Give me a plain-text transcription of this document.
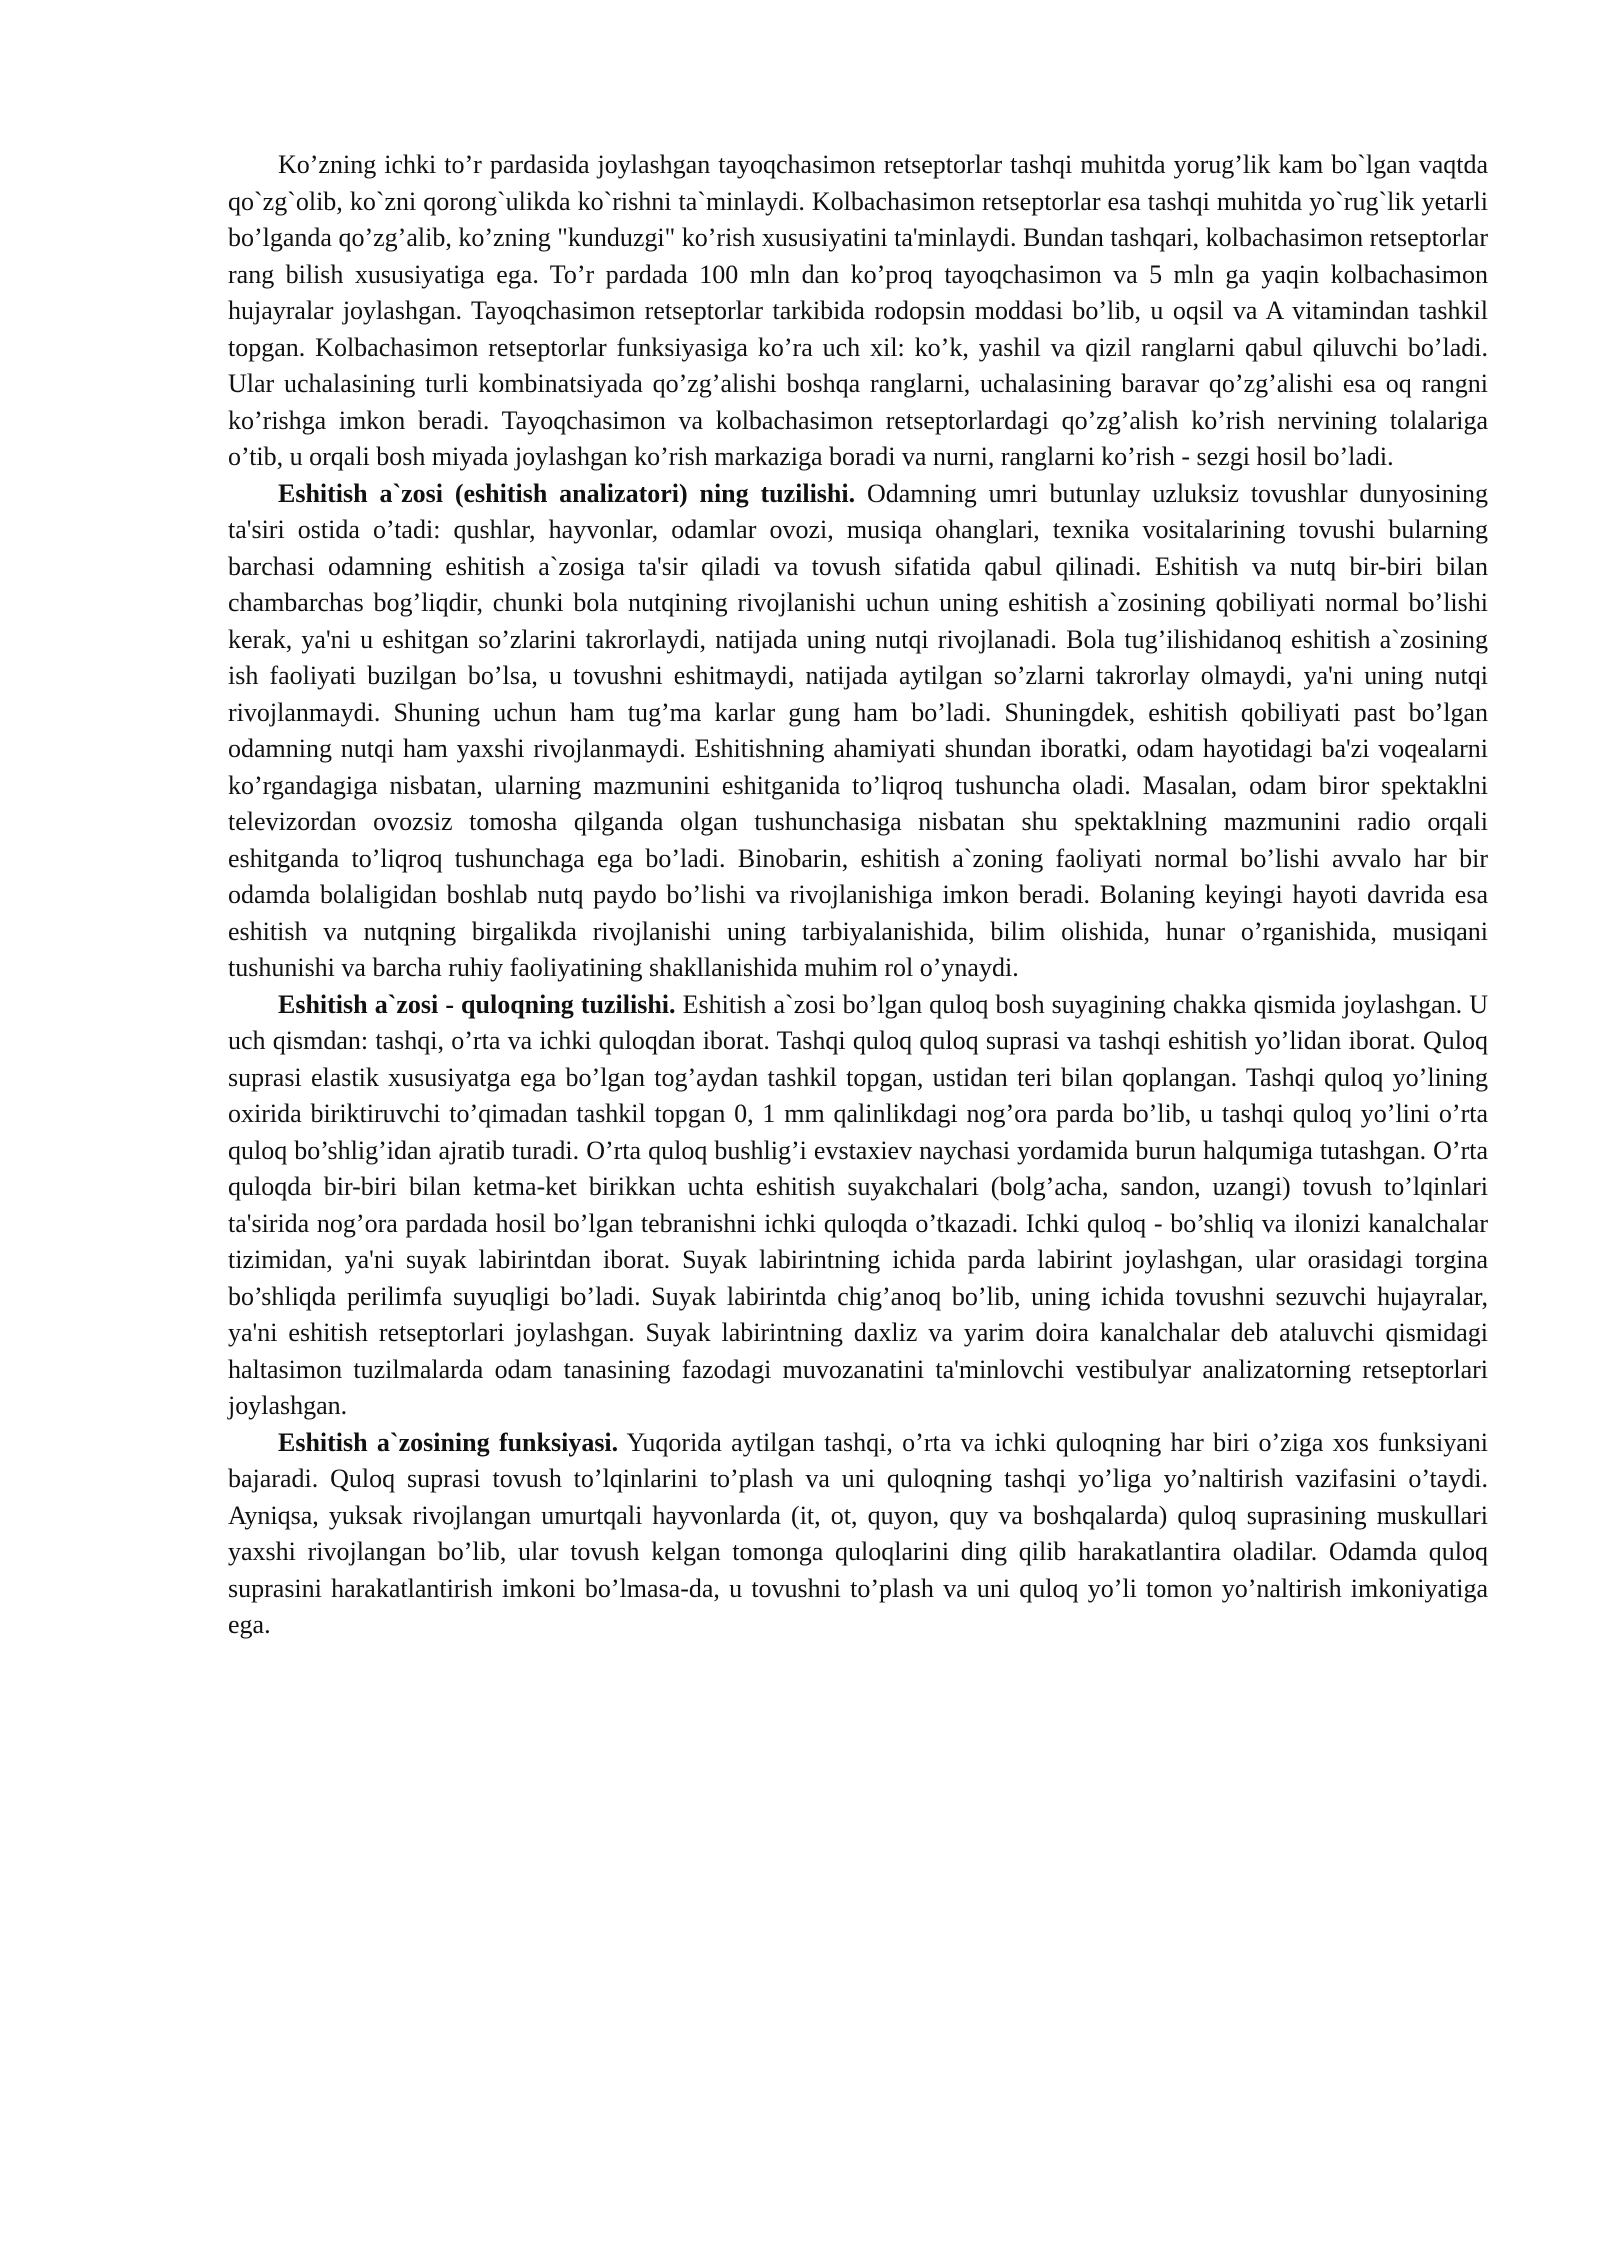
Ko’zning ichki to’r pardasida joylashgan tayoqchasimon retseptorlar tashqi muhitda yorug’lik kam bo`lgan vaqtda qo`zg`olib, ko`zni qorong`ulikda ko`rishni ta`minlaydi. Kolbachasimon retseptorlar esa tashqi muhitda yo`rug`lik yetarli bo’lganda qo’zg’alib, ko’zning "kunduzgi" ko’rish xususiyatini ta'minlaydi. Bundan tashqari, kolbachasimon retseptorlar rang bilish xususiyatiga ega. To’r pardada 100 mln dan ko’proq tayoqchasimon va 5 mln ga yaqin kolbachasimon hujayralar joylashgan. Tayoqchasimon retseptorlar tarkibida rodopsin moddasi bo’lib, u oqsil va A vitamindan tashkil topgan. Kolbachasimon retseptorlar funksiyasiga ko’ra uch xil: ko’k, yashil va qizil ranglarni qabul qiluvchi bo’ladi. Ular uchalasining turli kombinatsiyada qo’zg’alishi boshqa ranglarni, uchalasining baravar qo’zg’alishi esa oq rangni ko’rishga imkon beradi. Tayoqchasimon va kolbachasimon retseptorlardagi qo’zg’alish ko’rish nervining tolalariga o’tib, u orqali bosh miyada joylashgan ko’rish markaziga boradi va nurni, ranglarni ko’rish - sezgi hosil bo’ladi.

Eshitish a`zosi (eshitish analizatori) ning tuzilishi. Odamning umri butunlay uzluksiz tovushlar dunyosining ta'siri ostida o’tadi: qushlar, hayvonlar, odamlar ovozi, musiqa ohanglari, texnika vositalarining tovushi bularning barchasi odamning eshitish a`zosiga ta'sir qiladi va tovush sifatida qabul qilinadi. Eshitish va nutq bir-biri bilan chambarchas bog’liqdir, chunki bola nutqining rivojlanishi uchun uning eshitish a`zosining qobiliyati normal bo’lishi kerak, ya'ni u eshitgan so’zlarini takrorlaydi, natijada uning nutqi rivojlanadi. Bola tug’ilishidanoq eshitish a`zosining ish faoliyati buzilgan bo’lsa, u tovushni eshitmaydi, natijada aytilgan so’zlarni takrorlay olmaydi, ya'ni uning nutqi rivojlanmaydi. Shuning uchun ham tug’ma karlar gung ham bo’ladi. Shuningdek, eshitish qobiliyati past bo’lgan odamning nutqi ham yaxshi rivojlanmaydi. Eshitishning ahamiyati shundan iboratki, odam hayotidagi ba'zi voqealarni ko’rgandagiga nisbatan, ularning mazmunini eshitganida to’liqroq tushuncha oladi. Masalan, odam biror spektaklni televizordan ovozsiz tomosha qilganda olgan tushunchasiga nisbatan shu spektaklning mazmunini radio orqali eshitganda to’liqroq tushunchaga ega bo’ladi. Binobarin, eshitish a`zoning faoliyati normal bo’lishi avvalo har bir odamda bolaligidan boshlab nutq paydo bo’lishi va rivojlanishiga imkon beradi. Bolaning keyingi hayoti davrida esa eshitish va nutqning birgalikda rivojlanishi uning tarbiyalanishida, bilim olishida, hunar o’rganishida, musiqani tushunishi va barcha ruhiy faoliyatining shakllanishida muhim rol o’ynaydi.

Eshitish a`zosi - quloqning tuzilishi. Eshitish a`zosi bo’lgan quloq bosh suyagining chakka qismida joylashgan. U uch qismdan: tashqi, o’rta va ichki quloqdan iborat. Tashqi quloq quloq suprasi va tashqi eshitish yo’lidan iborat. Quloq suprasi elastik xususiyatga ega bo’lgan tog’aydan tashkil topgan, ustidan teri bilan qoplangan. Tashqi quloq yo’lining oxirida biriktiruvchi to’qimadan tashkil topgan 0, 1 mm qalinlikdagi nog’ora parda bo’lib, u tashqi quloq yo’lini o’rta quloq bo’shlig’idan ajratib turadi. O’rta quloq bushlig’i evstaxiev naychasi yordamida burun halqumiga tutashgan. O’rta quloqda bir-biri bilan ketma-ket birikkan uchta eshitish suyakchalari (bolg’acha, sandon, uzangi) tovush to’lqinlari ta'sirida nog’ora pardada hosil bo’lgan tebranishni ichki quloqda o’tkazadi. Ichki quloq - bo’shliq va ilonizi kanalchalar tizimidan, ya'ni suyak labirintdan iborat. Suyak labirintning ichida parda labirint joylashgan, ular orasidagi torgina bo’shliqda perilimfa suyuqligi bo’ladi. Suyak labirintda chig’anoq bo’lib, uning ichida tovushni sezuvchi hujayralar, ya'ni eshitish retseptorlari joylashgan. Suyak labirintning daxliz va yarim doira kanalchalar deb ataluvchi qismidagi haltasimon tuzilmalarda odam tanasining fazodagi muvozanatini ta'minlovchi vestibulyar analizatorning retseptorlari joylashgan.

Eshitish a`zosining funksiyasi. Yuqorida aytilgan tashqi, o’rta va ichki quloqning har biri o’ziga xos funksiyani bajaradi. Quloq suprasi tovush to’lqinlarini to’plash va uni quloqning tashqi yo’liga yo’naltirish vazifasini o’taydi. Ayniqsa, yuksak rivojlangan umurtqali hayvonlarda (it, ot, quyon, quy va boshqalarda) quloq suprasining muskullari yaxshi rivojlangan bo’lib, ular tovush kelgan tomonga quloqlarini ding qilib harakatlantira oladilar. Odamda quloq suprasini harakatlantirish imkoni bo’lmasa-da, u tovushni to’plash va uni quloq yo’li tomon yo’naltirish imkoniyatiga ega.
